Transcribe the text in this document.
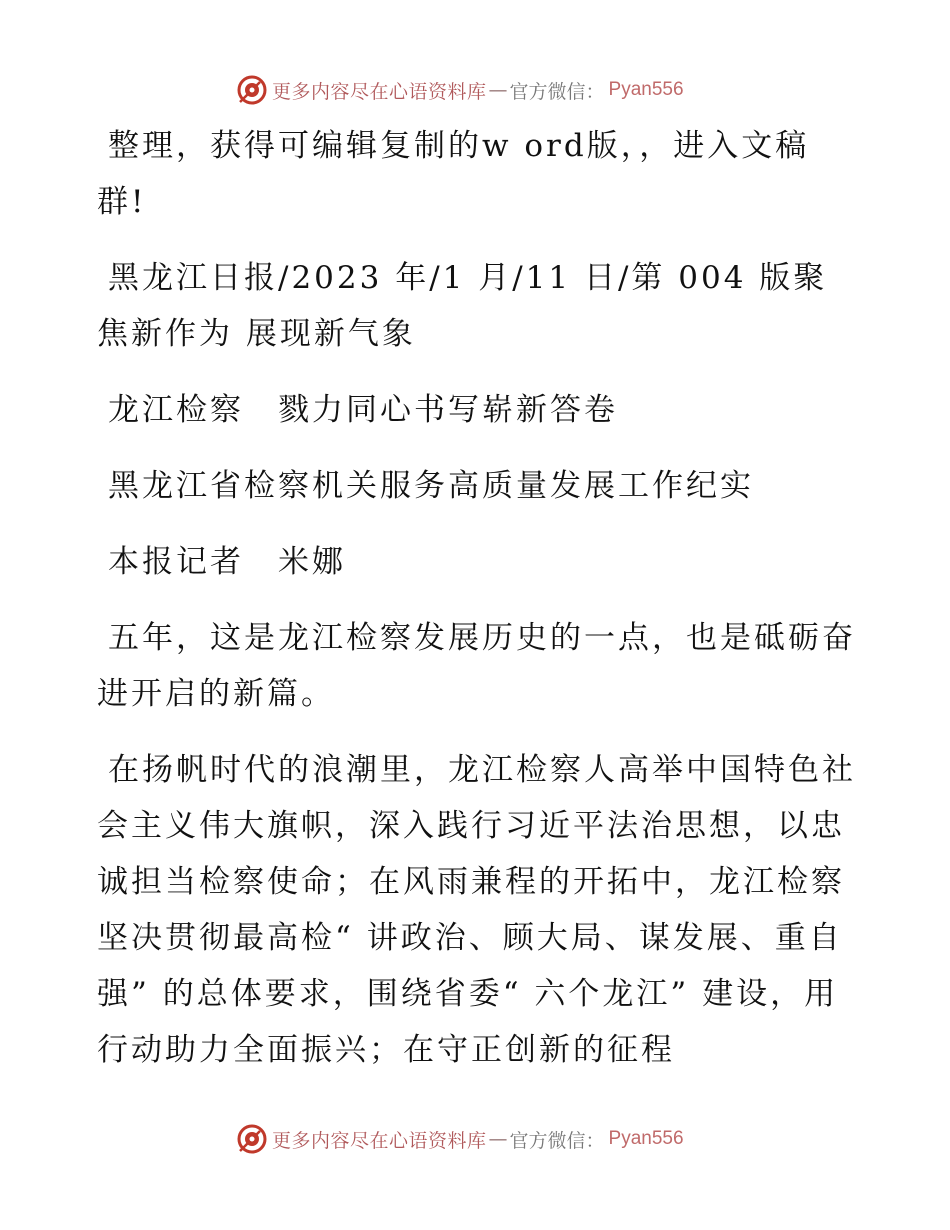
更多内容尽在心语资料库 — 官方微信： Pyan556

整理，获得可编辑复制的w ord版，，进入文稿群!

黑龙江日报/2023 年/1 月/11 日/第 004 版聚焦新作为 展现新气象

龙江检察　戮力同心书写崭新答卷

黑龙江省检察机关服务高质量发展工作纪实

本报记者　米娜

五年，这是龙江检察发展历史的一点，也是砥砺奋进开启的新篇。

在扬帆时代的浪潮里，龙江检察人高举中国特色社会主义伟大旗帜，深入践行习近平法治思想，以忠诚担当检察使命；在风雨兼程的开拓中，龙江检察坚决贯彻最高检“ 讲政治、顾大局、谋发展、重自强” 的总体要求，围绕省委“ 六个龙江” 建设，用行动助力全面振兴；在守正创新的征程

更多内容尽在心语资料库 — 官方微信： Pyan556
